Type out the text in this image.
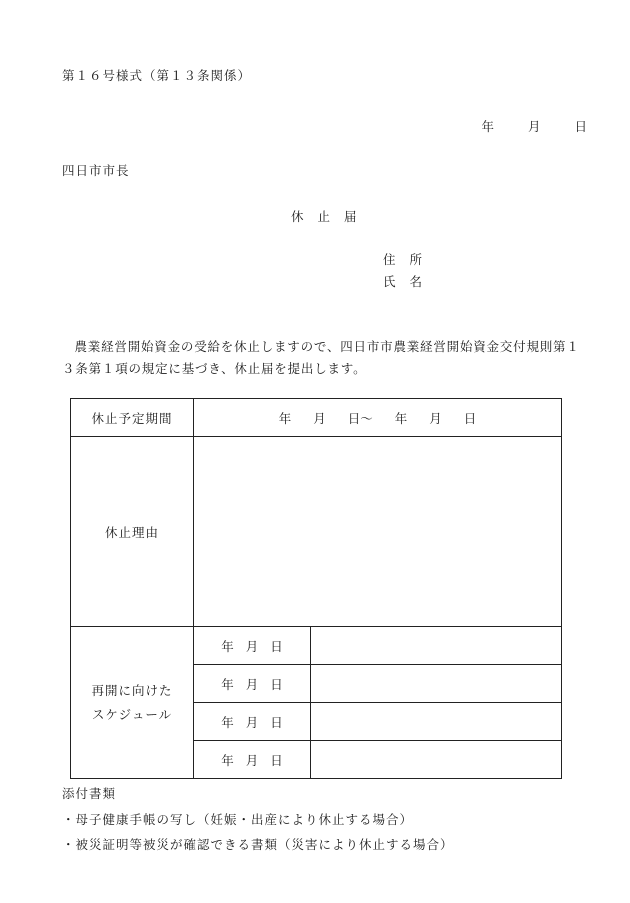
第１６号様式（第１３条関係）
年	月	日
四日市市長
休止届
住所
氏名
農業経営開始資金の受給を休止しますので、四日市市農業経営開始資金交付規則第１３条第１項の規定に基づき、休止届を提出します。
休止予定期間	年 月 日～ 年 月 日	
休止理由		

再開に向けた
スケジュール	年 月 日	
	年 月 日	
	年 月 日	
	年 月 日	
添付書類
・母子健康手帳の写し（妊娠・出産により休止する場合）
・被災証明等被災が確認できる書類（災害により休止する場合）
